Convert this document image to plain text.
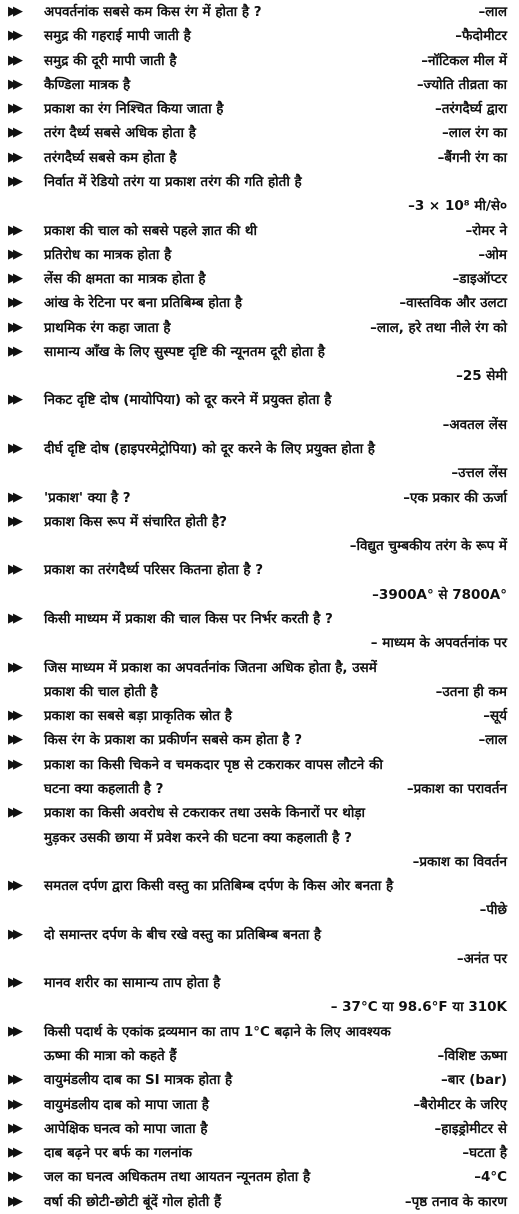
▶▶ अपवर्तनांक सबसे कम किस रंग में होता है ?	–लाल
▶▶ समुद्र की गहराई मापी जाती है	–फैदोमीटर
▶▶ समुद्र की दूरी मापी जाती है	–नॉटिकल मील में
▶▶ कैण्डिला मात्रक है	–ज्योति तीव्रता का
▶▶ प्रकाश का रंग निश्चित किया जाता है	–तरंगदैर्घ्य द्वारा
▶▶ तरंग दैर्ध्य सबसे अधिक होता है	–लाल रंग का
▶▶ तरंगदैर्घ्य सबसे कम होता है	–बैंगनी रंग का
▶▶ निर्वात में रेडियो तरंग या प्रकाश तरंग की गति होती है
–3 × 10⁸ मी/से०
▶▶ प्रकाश की चाल को सबसे पहले ज्ञात की थी	–रोमर ने
▶▶ प्रतिरोध का मात्रक होता है	–ओम
▶▶ लेंस की क्षमता का मात्रक होता है	–डाइऑप्टर
▶▶ आंख के रेटिना पर बना प्रतिबिम्ब होता है	–वास्तविक और उलटा
▶▶ प्राथमिक रंग कहा जाता है	–लाल, हरे तथा नीले रंग को
▶▶ सामान्य आँख के लिए सुस्पष्ट दृष्टि की न्यूनतम दूरी होता है
–25 सेमी
▶▶ निकट दृष्टि दोष (मायोपिया) को दूर करने में प्रयुक्त होता है
–अवतल लेंस
▶▶ दीर्घ दृष्टि दोष (हाइपरमेट्रोपिया) को दूर करने के लिए प्रयुक्त होता है
–उत्तल लेंस
▶▶ 'प्रकाश' क्या है ?	–एक प्रकार की ऊर्जा
▶▶ प्रकाश किस रूप में संचारित होती है?
–विद्युत चुम्बकीय तरंग के रूप में
▶▶ प्रकाश का तरंगदैर्ध्य परिसर कितना होता है ?
–3900A° से 7800A°
▶▶ किसी माध्यम में प्रकाश की चाल किस पर निर्भर करती है ?
– माध्यम के अपवर्तनांक पर
▶▶ जिस माध्यम में प्रकाश का अपवर्तनांक जितना अधिक होता है, उसमें
प्रकाश की चाल होती है	–उतना ही कम
▶▶ प्रकाश का सबसे बड़ा प्राकृतिक स्रोत है	–सूर्य
▶▶ किस रंग के प्रकाश का प्रकीर्णन सबसे कम होता है ?	–लाल
▶▶ प्रकाश का किसी चिकने व चमकदार पृष्ठ से टकराकर वापस लौटने की
घटना क्या कहलाती है ?	–प्रकाश का परावर्तन
▶▶ प्रकाश का किसी अवरोध से टकराकर तथा उसके किनारों पर थोड़ा
मुड़कर उसकी छाया में प्रवेश करने की घटना क्या कहलाती है ?
–प्रकाश का विवर्तन
▶▶ समतल दर्पण द्वारा किसी वस्तु का प्रतिबिम्ब दर्पण के किस ओर बनता है
–पीछे
▶▶ दो समान्तर दर्पण के बीच रखे वस्तु का प्रतिबिम्ब बनता है
–अनंत पर
▶▶ मानव शरीर का सामान्य ताप होता है
– 37°C या 98.6°F या 310K
▶▶ किसी पदार्थ के एकांक द्रव्यमान का ताप 1°C बढ़ाने के लिए आवश्यक
ऊष्मा की मात्रा को कहते हैं	–विशिष्ट ऊष्मा
▶▶ वायुमंडलीय दाब का SI मात्रक होता है	–बार (bar)
▶▶ वायुमंडलीय दाब को मापा जाता है	–बैरोमीटर के जरिए
▶▶ आपेक्षिक घनत्व को मापा जाता है	–हाइड्रोमीटर से
▶▶ दाब बढ़ने पर बर्फ का गलनांक	–घटता है
▶▶ जल का घनत्व अधिकतम तथा आयतन न्यूनतम होता है	–4°C
▶▶ वर्षा की छोटी-छोटी बूंदें गोल होती हैं	–पृष्ठ तनाव के कारण
